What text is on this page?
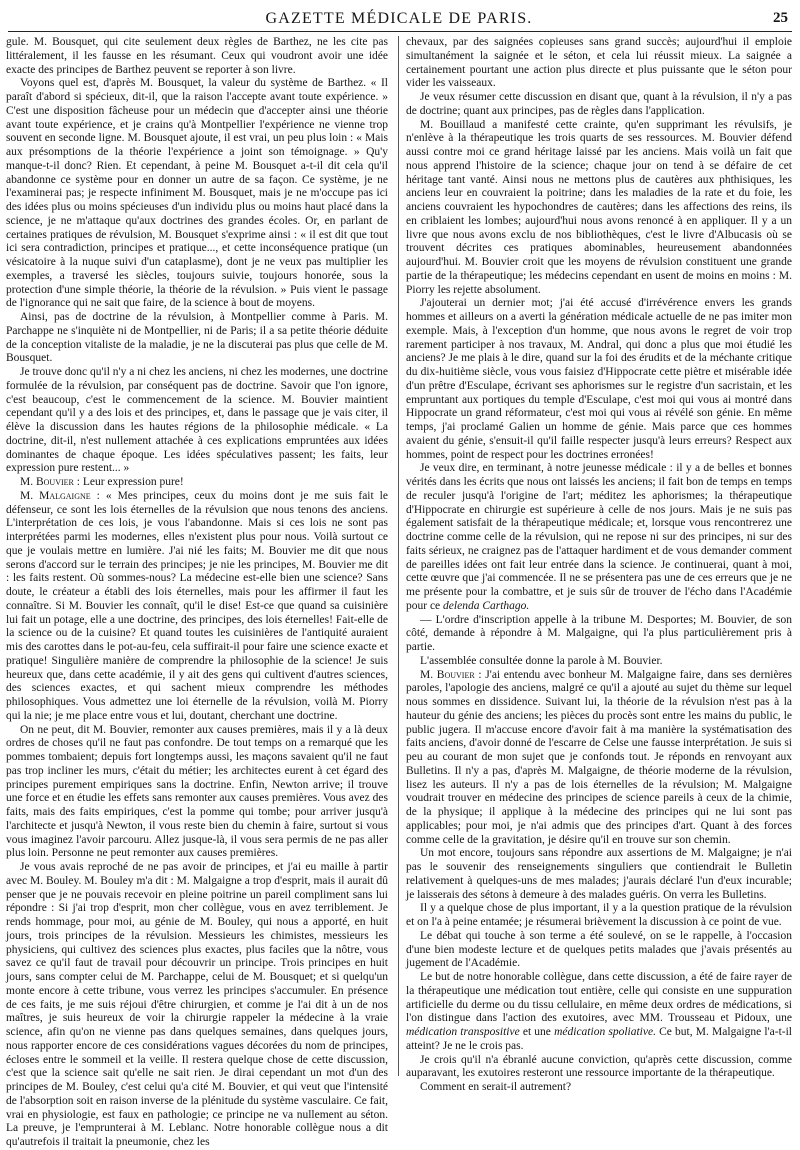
GAZETTE MÉDICALE DE PARIS.	25

gule. M. Bousquet, qui cite seulement deux règles de Barthez, ne les cite pas littéralement, il les fausse en les résumant. Ceux qui voudront avoir une idée exacte des principes de Barthez peuvent se reporter à son livre.

Voyons quel est, d'après M. Bousquet, la valeur du système de Barthez. « Il paraît d'abord si spécieux, dit-il, que la raison l'accepte avant toute expérience. » C'est une disposition fâcheuse pour un médecin que d'accepter ainsi une théorie avant toute expérience, et je crains qu'à Montpellier l'expérience ne vienne trop souvent en seconde ligne. M. Bousquet ajoute, il est vrai, un peu plus loin : « Mais aux présomptions de la théorie l'expérience a joint son témoignage. » Qu'y manque-t-il donc? Rien. Et cependant, à peine M. Bousquet a-t-il dit cela qu'il abandonne ce système pour en donner un autre de sa façon. Ce système, je ne l'examinerai pas; je respecte infiniment M. Bousquet, mais je ne m'occupe pas ici des idées plus ou moins spécieuses d'un individu plus ou moins haut placé dans la science, je ne m'attaque qu'aux doctrines des grandes écoles. Or, en parlant de certaines pratiques de révulsion, M. Bousquet s'exprime ainsi : « il est dit que tout ici sera contradiction, principes et pratique..., et cette inconséquence pratique (un vésicatoire à la nuque suivi d'un cataplasme), dont je ne veux pas multiplier les exemples, a traversé les siècles, toujours suivie, toujours honorée, sous la protection d'une simple théorie, la théorie de la révulsion. » Puis vient le passage de l'ignorance qui ne sait que faire, de la science à bout de moyens.

Ainsi, pas de doctrine de la révulsion, à Montpellier comme à Paris. M. Parchappe ne s'inquiète ni de Montpellier, ni de Paris; il a sa petite théorie déduite de la conception vitaliste de la maladie, je ne la discuterai pas plus que celle de M. Bousquet.

Je trouve donc qu'il n'y a ni chez les anciens, ni chez les modernes, une doctrine formulée de la révulsion, par conséquent pas de doctrine. Savoir que l'on ignore, c'est beaucoup, c'est le commencement de la science. M. Bouvier maintient cependant qu'il y a des lois et des principes, et, dans le passage que je vais citer, il élève la discussion dans les hautes régions de la philosophie médicale. « La doctrine, dit-il, n'est nullement attachée à ces explications empruntées aux idées dominantes de chaque époque. Les idées spéculatives passent; les faits, leur expression pure restent... »

M. Bouvier : Leur expression pure!

M. Malgaigne : « Mes principes, ceux du moins dont je me suis fait le défenseur, ce sont les lois éternelles de la révulsion que nous tenons des anciens. L'interprétation de ces lois, je vous l'abandonne. Mais si ces lois ne sont pas interprétées parmi les modernes, elles n'existent plus pour nous. Voilà surtout ce que je voulais mettre en lumière. J'ai nié les faits; M. Bouvier me dit que nous serons d'accord sur le terrain des principes; je nie les principes, M. Bouvier me dit : les faits restent. Où sommes-nous? La médecine est-elle bien une science? Sans doute, le créateur a établi des lois éternelles, mais pour les affirmer il faut les connaître. Si M. Bouvier les connaît, qu'il le dise! Est-ce que quand sa cuisinière lui fait un potage, elle a une doctrine, des principes, des lois éternelles! Fait-elle de la science ou de la cuisine? Et quand toutes les cuisinières de l'antiquité auraient mis des carottes dans le pot-au-feu, cela suffirait-il pour faire une science exacte et pratique! Singulière manière de comprendre la philosophie de la science! Je suis heureux que, dans cette académie, il y ait des gens qui cultivent d'autres sciences, des sciences exactes, et qui sachent mieux comprendre les méthodes philosophiques. Vous admettez une loi éternelle de la révulsion, voilà M. Piorry qui la nie; je me place entre vous et lui, doutant, cherchant une doctrine.

On ne peut, dit M. Bouvier, remonter aux causes premières, mais il y a là deux ordres de choses qu'il ne faut pas confondre. De tout temps on a remarqué que les pommes tombaient; depuis fort longtemps aussi, les maçons savaient qu'il ne faut pas trop incliner les murs, c'était du métier; les architectes eurent à cet égard des principes purement empiriques sans la doctrine. Enfin, Newton arrive; il trouve une force et en étudie les effets sans remonter aux causes premières. Vous avez des faits, mais des faits empiriques, c'est la pomme qui tombe; pour arriver jusqu'à l'architecte et jusqu'à Newton, il vous reste bien du chemin à faire, surtout si vous vous imaginez l'avoir parcouru. Allez jusque-là, il vous sera permis de ne pas aller plus loin. Personne ne peut remonter aux causes premières.

Je vous avais reproché de ne pas avoir de principes, et j'ai eu maille à partir avec M. Bouley. M. Bouley m'a dit : M. Malgaigne a trop d'esprit, mais il aurait dû penser que je ne pouvais recevoir en pleine poitrine un pareil compliment sans lui répondre : Si j'ai trop d'esprit, mon cher collègue, vous en avez terriblement. Je rends hommage, pour moi, au génie de M. Bouley, qui nous a apporté, en huit jours, trois principes de la révulsion. Messieurs les chimistes, messieurs les physiciens, qui cultivez des sciences plus exactes, plus faciles que la nôtre, vous savez ce qu'il faut de travail pour découvrir un principe. Trois principes en huit jours, sans compter celui de M. Parchappe, celui de M. Bousquet; et si quelqu'un monte encore à cette tribune, vous verrez les principes s'accumuler. En présence de ces faits, je me suis réjoui d'être chirurgien, et comme je l'ai dit à un de nos maîtres, je suis heureux de voir la chirurgie rappeler la médecine à la vraie science, afin qu'on ne vienne pas dans quelques semaines, dans quelques jours, nous rapporter encore de ces considérations vagues décorées du nom de principes, écloses entre le sommeil et la veille. Il restera quelque chose de cette discussion, c'est que la science sait qu'elle ne sait rien. Je dirai cependant un mot d'un des principes de M. Bouley, c'est celui qu'a cité M. Bouvier, et qui veut que l'intensité de l'absorption soit en raison inverse de la plénitude du système vasculaire. Ce fait, vrai en physiologie, est faux en pathologie; ce principe ne va nullement au séton. La preuve, je l'emprunterai à M. Leblanc. Notre honorable collègue nous a dit qu'autrefois il traitait la pneumonie, chez les

chevaux, par des saignées copieuses sans grand succès; aujourd'hui il emploie simultanément la saignée et le séton, et cela lui réussit mieux. La saignée a certainement pourtant une action plus directe et plus puissante que le séton pour vider les vaisseaux.

Je veux résumer cette discussion en disant que, quant à la révulsion, il n'y a pas de doctrine; quant aux principes, pas de règles dans l'application.

M. Bouillaud a manifesté cette crainte, qu'en supprimant les révulsifs, je n'enlève à la thérapeutique les trois quarts de ses ressources. M. Bouvier défend aussi contre moi ce grand héritage laissé par les anciens. Mais voilà un fait que nous apprend l'histoire de la science; chaque jour on tend à se défaire de cet héritage tant vanté. Ainsi nous ne mettons plus de cautères aux phthisiques, les anciens leur en couvraient la poitrine; dans les maladies de la rate et du foie, les anciens couvraient les hypochondres de cautères; dans les affections des reins, ils en criblaient les lombes; aujourd'hui nous avons renoncé à en appliquer. Il y a un livre que nous avons exclu de nos bibliothèques, c'est le livre d'Albucasis où se trouvent décrites ces pratiques abominables, heureusement abandonnées aujourd'hui. M. Bouvier croit que les moyens de révulsion constituent une grande partie de la thérapeutique; les médecins cependant en usent de moins en moins : M. Piorry les rejette absolument.

J'ajouterai un dernier mot; j'ai été accusé d'irrévérence envers les grands hommes et ailleurs on a averti la génération médicale actuelle de ne pas imiter mon exemple. Mais, à l'exception d'un homme, que nous avons le regret de voir trop rarement participer à nos travaux, M. Andral, qui donc a plus que moi étudié les anciens? Je me plais à le dire, quand sur la foi des érudits et de la méchante critique du dix-huitième siècle, vous vous faisiez d'Hippocrate cette piètre et misérable idée d'un prêtre d'Esculape, écrivant ses aphorismes sur le registre d'un sacristain, et les empruntant aux portiques du temple d'Esculape, c'est moi qui vous ai montré dans Hippocrate un grand réformateur, c'est moi qui vous ai révélé son génie. En même temps, j'ai proclamé Galien un homme de génie. Mais parce que ces hommes avaient du génie, s'ensuit-il qu'il faille respecter jusqu'à leurs erreurs? Respect aux hommes, point de respect pour les doctrines erronées!

Je veux dire, en terminant, à notre jeunesse médicale : il y a de belles et bonnes vérités dans les écrits que nous ont laissés les anciens; il fait bon de temps en temps de reculer jusqu'à l'origine de l'art; méditez les aphorismes; la thérapeutique d'Hippocrate en chirurgie est supérieure à celle de nos jours. Mais je ne suis pas également satisfait de la thérapeutique médicale; et, lorsque vous rencontrerez une doctrine comme celle de la révulsion, qui ne repose ni sur des principes, ni sur des faits sérieux, ne craignez pas de l'attaquer hardiment et de vous demander comment de pareilles idées ont fait leur entrée dans la science. Je continuerai, quant à moi, cette œuvre que j'ai commencée. Il ne se présentera pas une de ces erreurs que je ne me présente pour la combattre, et je suis sûr de trouver de l'écho dans l'Académie pour ce delenda Carthago.

— L'ordre d'inscription appelle à la tribune M. Desportes; M. Bouvier, de son côté, demande à répondre à M. Malgaigne, qui l'a plus particulièrement pris à partie.

L'assemblée consultée donne la parole à M. Bouvier.

M. Bouvier : J'ai entendu avec bonheur M. Malgaigne faire, dans ses dernières paroles, l'apologie des anciens, malgré ce qu'il a ajouté au sujet du thème sur lequel nous sommes en dissidence. Suivant lui, la théorie de la révulsion n'est pas à la hauteur du génie des anciens; les pièces du procès sont entre les mains du public, le public jugera. Il m'accuse encore d'avoir fait à ma manière la systématisation des faits anciens, d'avoir donné de l'escarre de Celse une fausse interprétation. Je suis si peu au courant de mon sujet que je confonds tout. Je réponds en renvoyant aux Bulletins. Il n'y a pas, d'après M. Malgaigne, de théorie moderne de la révulsion, lisez les auteurs. Il n'y a pas de lois éternelles de la révulsion; M. Malgaigne voudrait trouver en médecine des principes de science pareils à ceux de la chimie, de la physique; il applique à la médecine des principes qui ne lui sont pas applicables; pour moi, je n'ai admis que des principes d'art. Quant à des forces comme celle de la gravitation, je désire qu'il en trouve sur son chemin.

Un mot encore, toujours sans répondre aux assertions de M. Malgaigne; je n'ai pas le souvenir des renseignements singuliers que contiendrait le Bulletin relativement à quelques-uns de mes malades; j'aurais déclaré l'un d'eux incurable; je laisserais des sétons à demeure à des malades guéris. On verra les Bulletins.

Il y a quelque chose de plus important, il y a la question pratique de la révulsion et on l'a à peine entamée; je résumerai brièvement la discussion à ce point de vue.

Le débat qui touche à son terme a été soulevé, on se le rappelle, à l'occasion d'une bien modeste lecture et de quelques petits malades que j'avais présentés au jugement de l'Académie.

Le but de notre honorable collègue, dans cette discussion, a été de faire rayer de la thérapeutique une médication tout entière, celle qui consiste en une suppuration artificielle du derme ou du tissu cellulaire, en même deux ordres de médications, si l'on distingue dans l'action des exutoires, avec MM. Trousseau et Pidoux, une médication transpositive et une médication spoliative. Ce but, M. Malgaigne l'a-t-il atteint? Je ne le crois pas.

Je crois qu'il n'a ébranlé aucune conviction, qu'après cette discussion, comme auparavant, les exutoires resteront une ressource importante de la thérapeutique.

Comment en serait-il autrement?
